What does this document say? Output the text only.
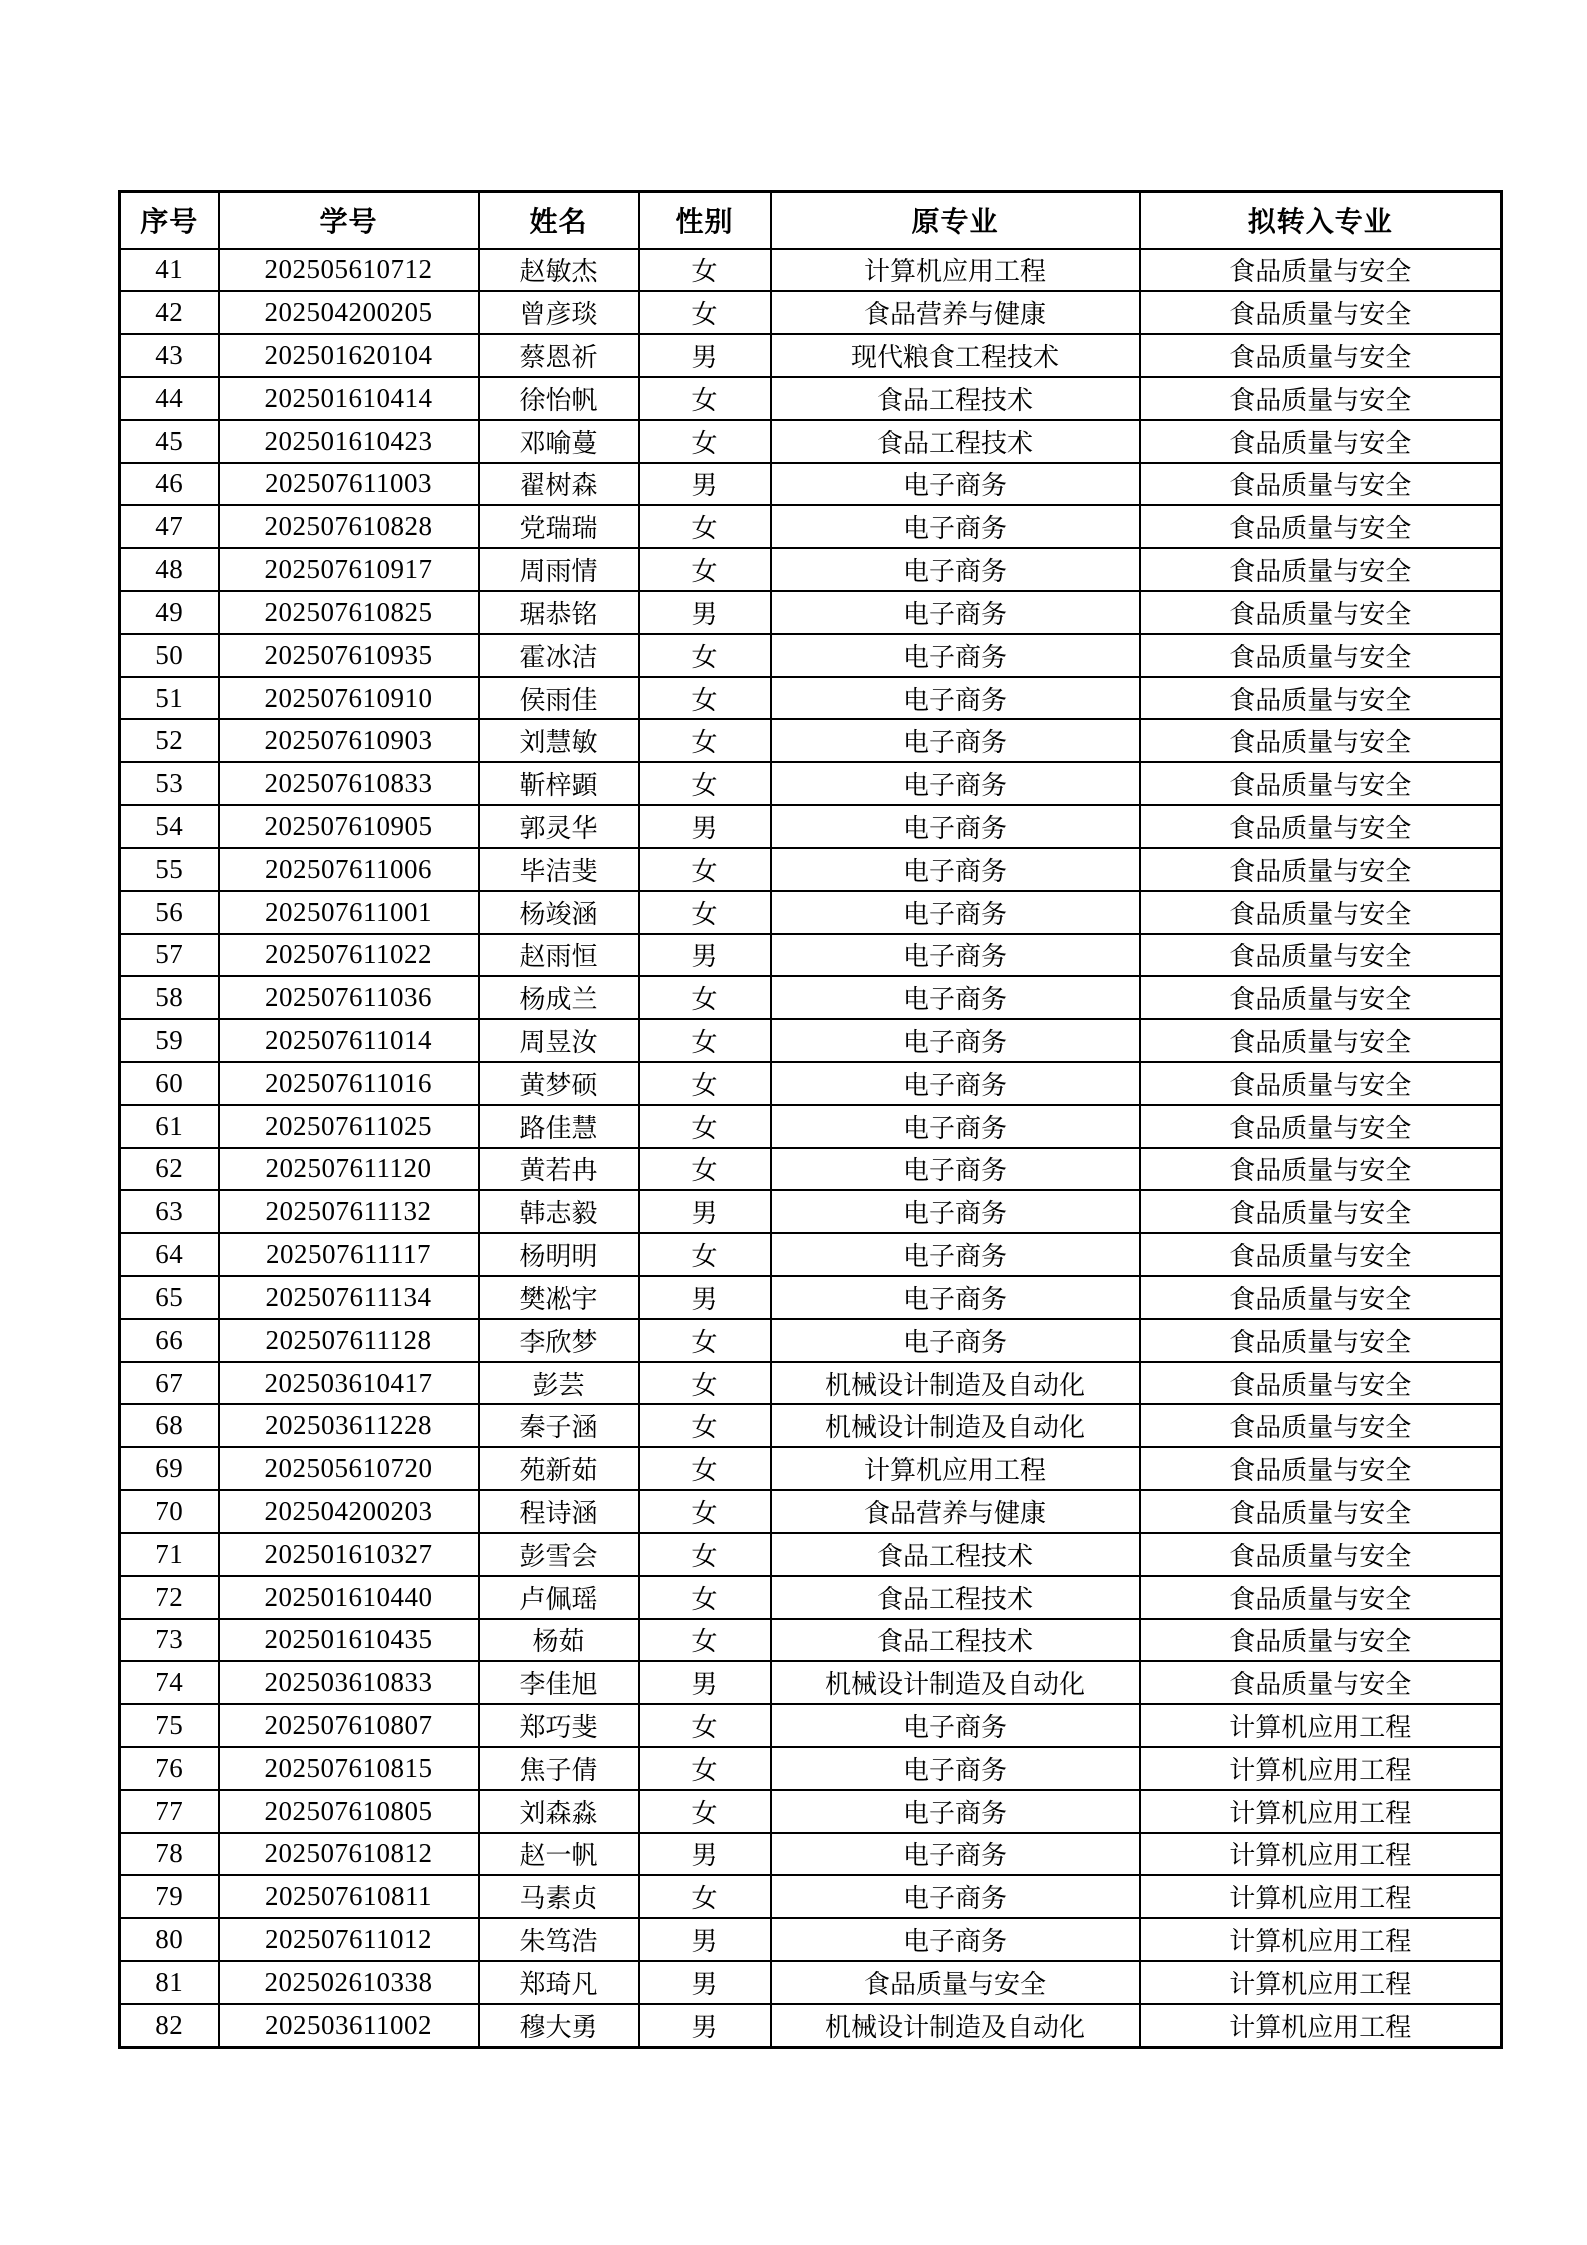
序号	学号	姓名	性别	原专业	拟转入专业
41	202505610712	赵敏杰	女	计算机应用工程	食品质量与安全
42	202504200205	曾彦琰	女	食品营养与健康	食品质量与安全
43	202501620104	蔡恩祈	男	现代粮食工程技术	食品质量与安全
44	202501610414	徐怡帆	女	食品工程技术	食品质量与安全
45	202501610423	邓喻蔓	女	食品工程技术	食品质量与安全
46	202507611003	翟树森	男	电子商务	食品质量与安全
47	202507610828	党瑞瑞	女	电子商务	食品质量与安全
48	202507610917	周雨情	女	电子商务	食品质量与安全
49	202507610825	琚恭铭	男	电子商务	食品质量与安全
50	202507610935	霍冰洁	女	电子商务	食品质量与安全
51	202507610910	侯雨佳	女	电子商务	食品质量与安全
52	202507610903	刘慧敏	女	电子商务	食品质量与安全
53	202507610833	靳梓顕	女	电子商务	食品质量与安全
54	202507610905	郭灵华	男	电子商务	食品质量与安全
55	202507611006	毕洁斐	女	电子商务	食品质量与安全
56	202507611001	杨竣涵	女	电子商务	食品质量与安全
57	202507611022	赵雨恒	男	电子商务	食品质量与安全
58	202507611036	杨成兰	女	电子商务	食品质量与安全
59	202507611014	周昱汝	女	电子商务	食品质量与安全
60	202507611016	黄梦硕	女	电子商务	食品质量与安全
61	202507611025	路佳慧	女	电子商务	食品质量与安全
62	202507611120	黄若冉	女	电子商务	食品质量与安全
63	202507611132	韩志毅	男	电子商务	食品质量与安全
64	202507611117	杨明明	女	电子商务	食品质量与安全
65	202507611134	樊凇宇	男	电子商务	食品质量与安全
66	202507611128	李欣梦	女	电子商务	食品质量与安全
67	202503610417	彭芸	女	机械设计制造及自动化	食品质量与安全
68	202503611228	秦子涵	女	机械设计制造及自动化	食品质量与安全
69	202505610720	苑新茹	女	计算机应用工程	食品质量与安全
70	202504200203	程诗涵	女	食品营养与健康	食品质量与安全
71	202501610327	彭雪会	女	食品工程技术	食品质量与安全
72	202501610440	卢佩瑶	女	食品工程技术	食品质量与安全
73	202501610435	杨茹	女	食品工程技术	食品质量与安全
74	202503610833	李佳旭	男	机械设计制造及自动化	食品质量与安全
75	202507610807	郑巧斐	女	电子商务	计算机应用工程
76	202507610815	焦子倩	女	电子商务	计算机应用工程
77	202507610805	刘森淼	女	电子商务	计算机应用工程
78	202507610812	赵一帆	男	电子商务	计算机应用工程
79	202507610811	马素贞	女	电子商务	计算机应用工程
80	202507611012	朱笃浩	男	电子商务	计算机应用工程
81	202502610338	郑琦凡	男	食品质量与安全	计算机应用工程
82	202503611002	穆大勇	男	机械设计制造及自动化	计算机应用工程
